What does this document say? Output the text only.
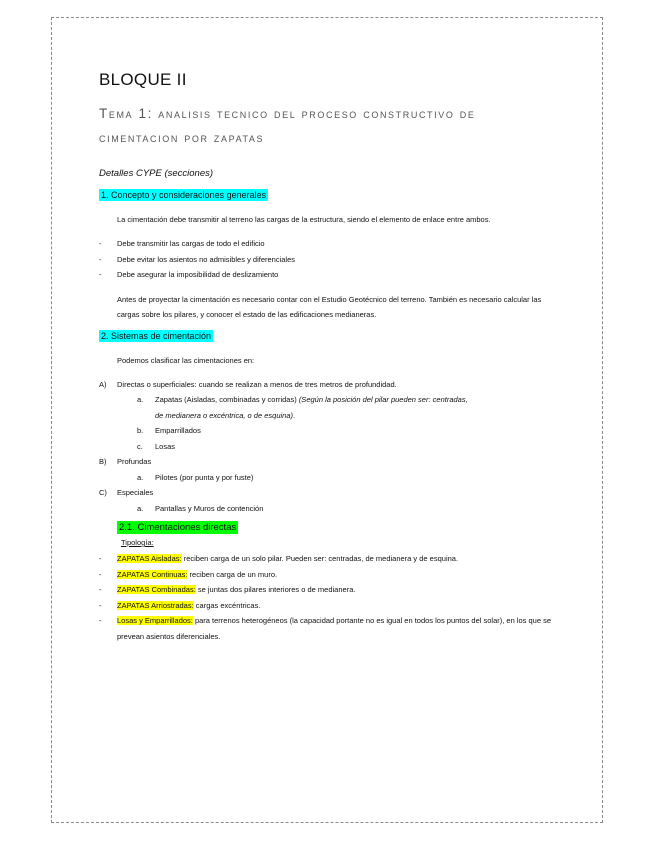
BLOQUE II
Tema 1: analisis tecnico del proceso constructivo de cimentacion por zapatas
Detalles CYPE (secciones)
1. Concepto y consideraciones generales

La cimentación debe transmitir al terreno las cargas de la estructura, siendo el elemento de enlace entre ambos.

- Debe transmitir las cargas de todo el edificio
- Debe evitar los asientos no admisibles y diferenciales
- Debe asegurar la imposibilidad de deslizamiento

Antes de proyectar la cimentación es necesario contar con el Estudio Geotécnico del terreno. También es necesario calcular las cargas sobre los pilares, y conocer el estado de las edificaciones medianeras.

2. Sistemas de cimentación

Podemos clasificar las cimentaciones en:

A) Directas o superficiales: cuando se realizan a menos de tres metros de profundidad.
a. Zapatas (Aisladas, combinadas y corridas) (Según la posición del pilar pueden ser: centradas,
de medianera o excéntrica, o de esquina).
b. Emparrillados
c. Losas
B) Profundas
a. Pilotes (por punta y por fuste)
C) Especiales
a. Pantallas y Muros de contención
2.1. Cimentaciones directas
Tipología:
- ZAPATAS Aisladas: reciben carga de un solo pilar. Pueden ser: centradas, de medianera y de esquina.
- ZAPATAS Continuas: reciben carga de un muro.
- ZAPATAS Combinadas: se juntas dos pilares interiores o de medianera.
- ZAPATAS Arriostradas: cargas excéntricas.
- Losas y Emparrillados: para terrenos heterogéneos (la capacidad portante no es igual en todos los puntos del solar), en los que se prevean asientos diferenciales.
